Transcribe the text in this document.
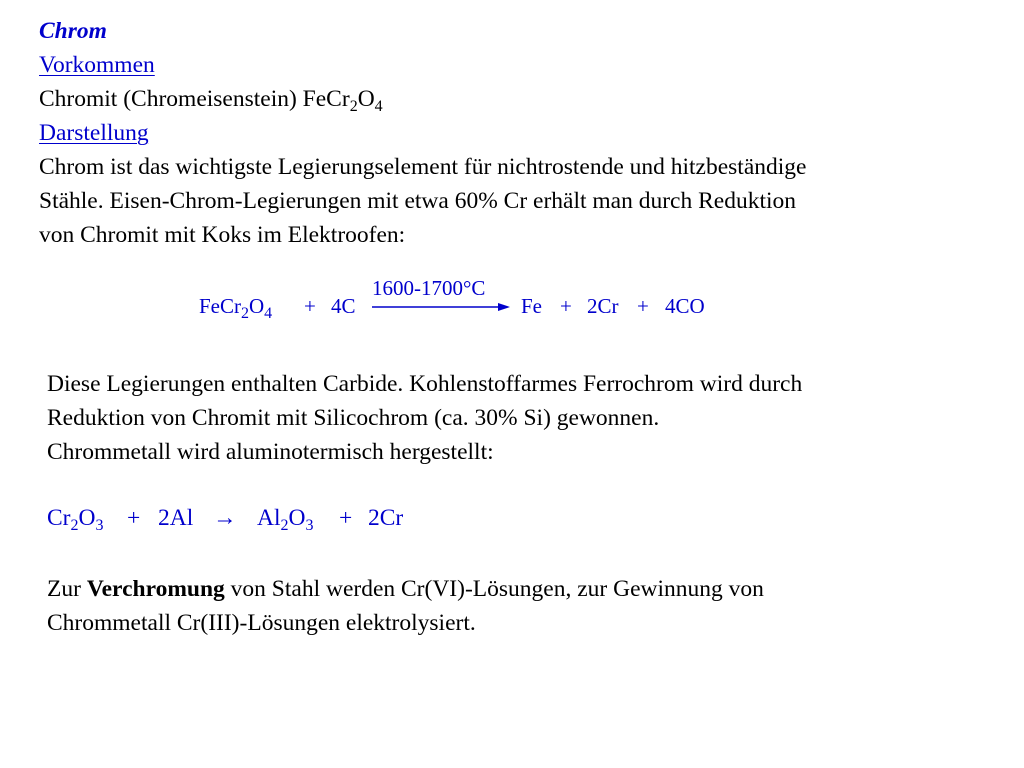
Chrom
Vorkommen
Chromit (Chromeisenstein) $FeCr_2O_4$
Darstellung
Chrom ist das wichtigste Legierungselement für nichtrostende und hitzbeständige
Stähle. Eisen-Chrom-Legierungen mit etwa 60% Cr erhält man durch Reduktion
von Chromit mit Koks im Elektroofen:
$FeCr_2O_4 + 4C$
1600-1700°C
Fe + 2Cr + 4CO
Diese Legierungen enthalten Carbide. Kohlenstoffarmes Ferrochrom wird durch
Reduktion von Chromit mit Silicochrom (ca. 30% Si) gewonnen.
Chrommetall wird aluminotermisch hergestellt:
$Cr_2O_3 + 2Al \to Al_2O_3 + 2Cr$
Zur Verchromung von Stahl werden Cr(VI)-Lösungen, zur Gewinnung von
Chrommetall Cr(III)-Lösungen elektrolysiert.
